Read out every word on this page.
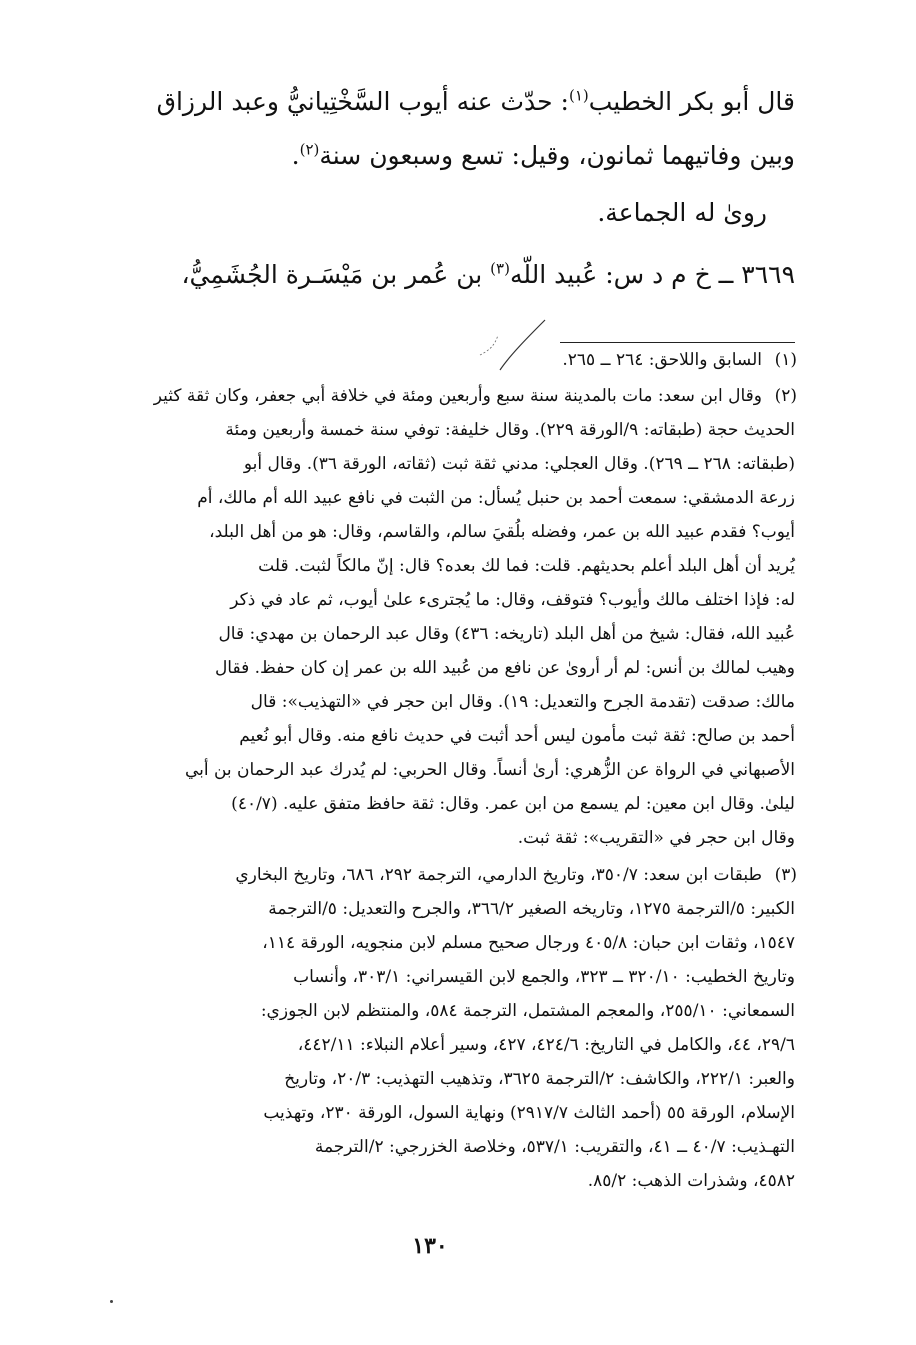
قال أبو بكر الخطيب$^{(١)}$: حدّث عنه أيوب السَّخْتِيانيُّ وعبد الرزاق
وبين وفاتيهما ثمانون، وقيل: تسع وسبعون سنة$^{(٢)}$.
روىٰ له الجماعة.
٣٦٦٩ ــ خ م د س: عُبيد اللّه$^{(٣)}$ بن عُمر بن مَيْسَـرة الجُشَمِيُّ،
(١)
السابق واللاحق: ٢٦٤ ــ ٢٦٥.
(٢)
وقال ابن سعد: مات بالمدينة سنة سبع وأربعين ومئة في خلافة أبي جعفر، وكان ثقة كثير
الحديث حجة (طبقاته: ٩/الورقة ٢٢٩). وقال خليفة: توفي سنة خمسة وأربعين ومئة
(طبقاته: ٢٦٨ ــ ٢٦٩). وقال العجلي: مدني ثقة ثبت (ثقاته، الورقة ٣٦). وقال أبو
زرعة الدمشقي: سمعت أحمد بن حنبل يُسأل: من الثبت في نافع عبيد الله أم مالك، أم
أيوب؟ فقدم عبيد الله بن عمر، وفضله بلُقيَ سالم، والقاسم، وقال: هو من أهل البلد،
يُريد أن أهل البلد أعلم بحديثهم. قلت: فما لك بعده؟ قال: إنّ مالكاً لثبت. قلت
له: فإذا اختلف مالك وأيوب؟ فتوقف، وقال: ما يُجترىء علىٰ أيوب، ثم عاد في ذكر
عُبيد الله، فقال: شيخ من أهل البلد (تاريخه: ٤٣٦) وقال عبد الرحمان بن مهدي: قال
وهيب لمالك بن أنس: لم أر أروىٰ عن نافع من عُبيد الله بن عمر إن كان حفظ. فقال
مالك: صدقت (تقدمة الجرح والتعديل: ١٩). وقال ابن حجر في «التهذيب»: قال
أحمد بن صالح: ثقة ثبت مأمون ليس أحد أثبت في حديث نافع منه. وقال أبو نُعيم
الأصبهاني في الرواة عن الزُّهري: أرىٰ أنساً. وقال الحربي: لم يُدرك عبد الرحمان بن أبي
ليلىٰ. وقال ابن معين: لم يسمع من ابن عمر. وقال: ثقة حافظ متفق عليه. (٤٠/٧)
وقال ابن حجر في «التقريب»: ثقة ثبت.
(٣)
طبقات ابن سعد: ٣٥٠/٧، وتاريخ الدارمي، الترجمة ٢٩٢، ٦٨٦، وتاريخ البخاري
الكبير: ٥/الترجمة ١٢٧٥، وتاريخه الصغير ٣٦٦/٢، والجرح والتعديل: ٥/الترجمة
١٥٤٧، وثقات ابن حبان: ٤٠٥/٨ ورجال صحيح مسلم لابن منجويه، الورقة ١١٤،
وتاريخ الخطيب: ٣٢٠/١٠ ــ ٣٢٣، والجمع لابن القيسراني: ٣٠٣/١، وأنساب
السمعاني: ٢٥٥/١٠، والمعجم المشتمل، الترجمة ٥٨٤، والمنتظم لابن الجوزي:
٢٩/٦، ٤٤، والكامل في التاريخ: ٤٢٤/٦، ٤٢٧، وسير أعلام النبلاء: ٤٤٢/١١،
والعبر: ٢٢٢/١، والكاشف: ٢/الترجمة ٣٦٢٥، وتذهيب التهذيب: ٢٠/٣، وتاريخ
الإسلام، الورقة ٥٥ (أحمد الثالث ٢٩١٧/٧) ونهاية السول، الورقة ٢٣٠، وتهذيب
التهـذيب: ٤٠/٧ ــ ٤١، والتقريب: ٥٣٧/١، وخلاصة الخزرجي: ٢/الترجمة
٤٥٨٢، وشذرات الذهب: ٨٥/٢.
١٣٠
